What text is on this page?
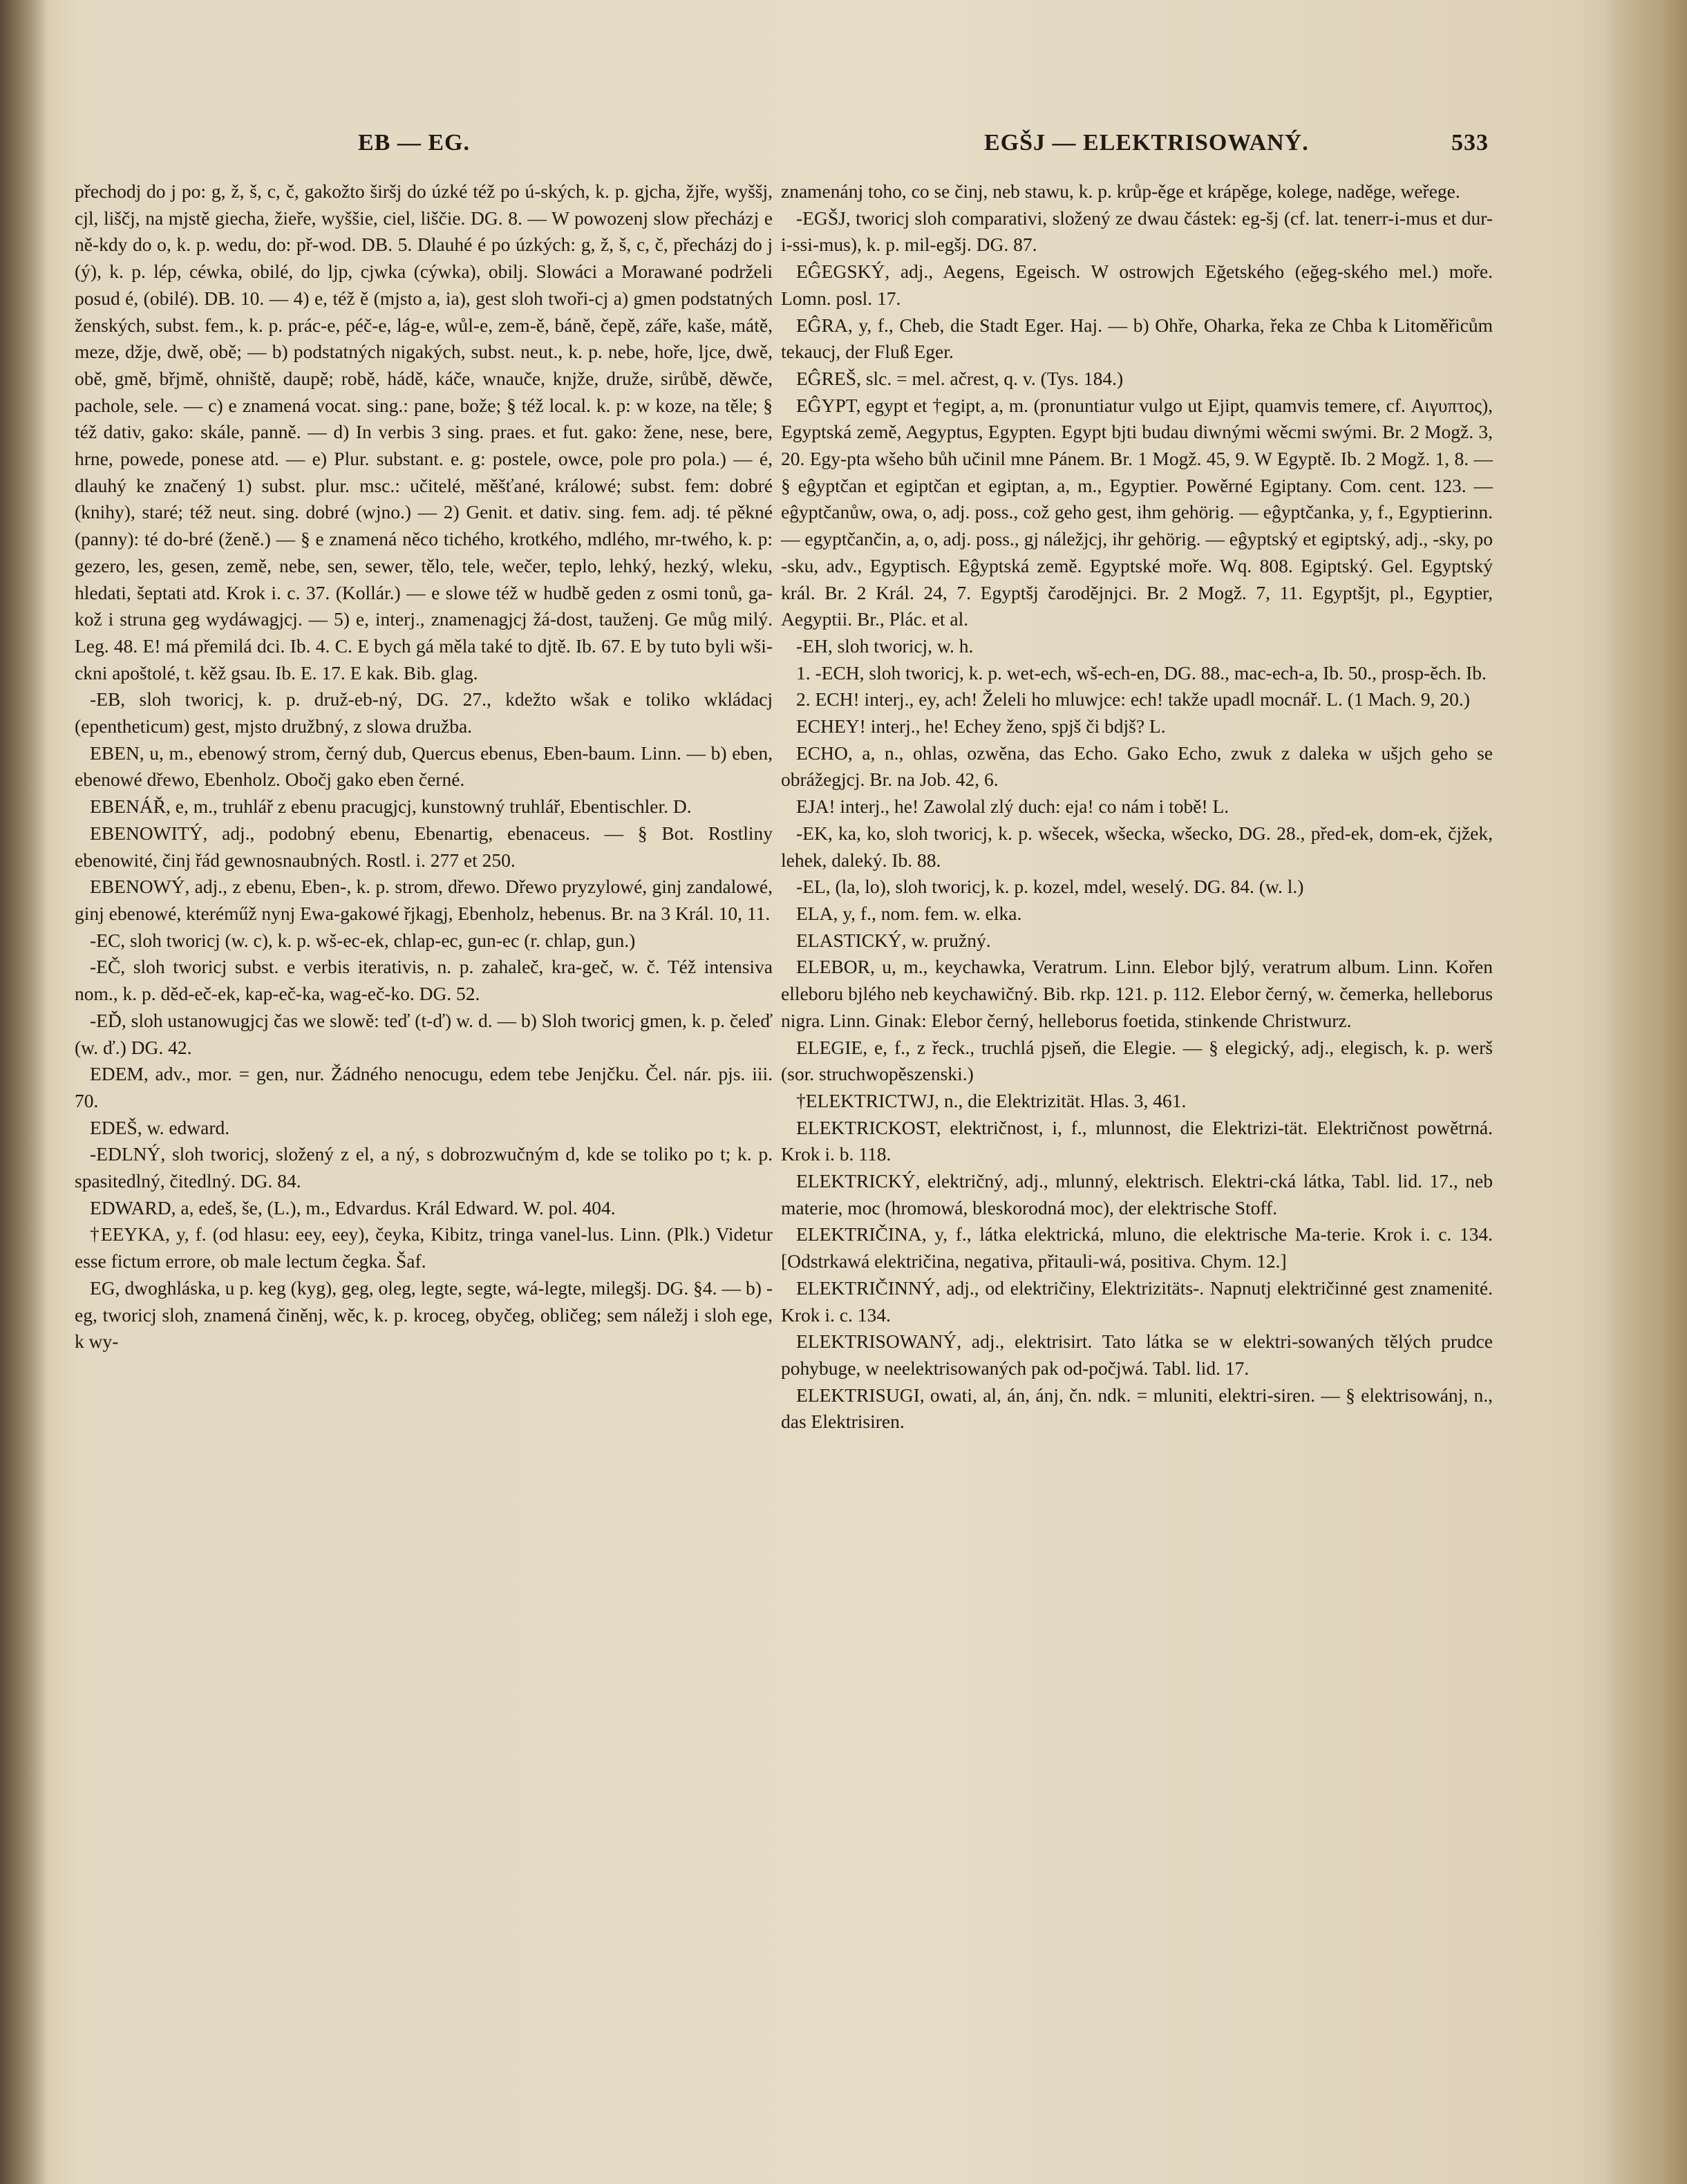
EB — EG.	EGŠJ — ELEKTRISOWANÝ.	533

přechodj do j po: g, ž, š, c, č, gakožto širšj do úzké též po ú-ských, k. p. gjcha, žjře, wyššj, cjl, liščj, na mjstě giecha, žieře, wyššie, ciel, liščie. DG. 8. — W powozenj slow přecházj e ně-kdy do o, k. p. wedu, do: př-wod. DB. 5. Dlauhé é po úzkých: g, ž, š, c, č, přecházj do j (ý), k. p. lép, céwka, obilé, do ljp, cjwka (cýwka), obilj. Slowáci a Morawané podrželi posud é, (obilé). DB. 10. — 4) e, též ě (mjsto a, ia), gest sloh twoři-cj a) gmen podstatných ženských, subst. fem., k. p. prác-e, péč-e, lág-e, wůl-e, zem-ě, báně, čepě, záře, kaše, mátě, meze, džje, dwě, obě; — b) podstatných nigakých, subst. neut., k. p. nebe, hoře, ljce, dwě, obě, gmě, břjmě, ohniště, daupě; robě, hádě, káče, wnauče, knjže, druže, sirůbě, děwče, pachole, sele. — c) e znamená vocat. sing.: pane, bože; § též local. k. p: w koze, na těle; § též dativ, gako: skále, panně. — d) In verbis 3 sing. praes. et fut. gako: žene, nese, bere, hrne, powede, ponese atd. — e) Plur. substant. e. g: postele, owce, pole pro pola.) — é, dlauhý ke značený 1) subst. plur. msc.: učitelé, měšťané, králowé; subst. fem: dobré (knihy), staré; též neut. sing. dobré (wjno.) — 2) Genit. et dativ. sing. fem. adj. té pěkné (panny): té do-bré (ženě.) — § e znamená něco tichého, krotkého, mdlého, mr-twého, k. p: gezero, les, gesen, země, nebe, sen, sewer, tělo, tele, wečer, teplo, lehký, hezký, wleku, hledati, šeptati atd. Krok i. c. 37. (Kollár.) — e slowe též w hudbě geden z osmi tonů, ga-kož i struna geg wydáwagjcj. — 5) e, interj., znamenagjcj žá-dost, tauženj. Ge můg milý. Leg. 48. E! má přemilá dci. Ib. 4. C. E bych gá měla také to djtě. Ib. 67. E by tuto byli wši-ckni apoštolé, t. kěž gsau. Ib. E. 17. E kak. Bib. glag.

-EB, sloh tworicj, k. p. druž-eb-ný, DG. 27., kdežto wšak e toliko wkládacj (epentheticum) gest, mjsto družbný, z slowa družba.

EBEN, u, m., ebenowý strom, černý dub, Quercus ebenus, Eben-baum. Linn. — b) eben, ebenowé dřewo, Ebenholz. Obočj gako eben černé.

EBENÁŘ, e, m., truhlář z ebenu pracugjcj, kunstowný truhlář, Ebentischler. D.

EBENOWITÝ, adj., podobný ebenu, Ebenartig, ebenaceus. — § Bot. Rostliny ebenowité, činj řád gewnosnaubných. Rostl. i. 277 et 250.

EBENOWÝ, adj., z ebenu, Eben-, k. p. strom, dřewo. Dřewo pryzylowé, ginj zandalowé, ginj ebenowé, kteréműž nynj Ewa-gakowé řjkagj, Ebenholz, hebenus. Br. na 3 Král. 10, 11.

-EC, sloh tworicj (w. c), k. p. wš-ec-ek, chlap-ec, gun-ec (r. chlap, gun.)

-EČ, sloh tworicj subst. e verbis iterativis, n. p. zahaleč, kra-geč, w. č. Též intensiva nom., k. p. děd-eč-ek, kap-eč-ka, wag-eč-ko. DG. 52.

-EĎ, sloh ustanowugjcj čas we slowě: teď (t-ď) w. d. — b) Sloh tworicj gmen, k. p. čeleď (w. ď.) DG. 42.

EDEM, adv., mor. = gen, nur. Žádného nenocugu, edem tebe Jenjčku. Čel. nár. pjs. iii. 70.

EDEŠ, w. edward.

-EDLNÝ, sloh tworicj, složený z el, a ný, s dobrozwučným d, kde se toliko po t; k. p. spasitedlný, čitedlný. DG. 84.

EDWARD, a, edeš, še, (L.), m., Edvardus. Král Edward. W. pol. 404.

†EEYKA, y, f. (od hlasu: eey, eey), čeyka, Kibitz, tringa vanel-lus. Linn. (Plk.) Videtur esse fictum errore, ob male lectum čegka. Šaf.

EG, dwoghláska, u p. keg (kyg), geg, oleg, legte, segte, wá-legte, milegšj. DG. §4. — b) -eg, tworicj sloh, znamená činěnj, wěc, k. p. kroceg, obyčeg, obličeg; sem náležj i sloh ege, k wy-

znamenánj toho, co se činj, neb stawu, k. p. krůp-ěge et krápěge, kolege, naděge, weřege.

-EGŠJ, tworicj sloh comparativi, složený ze dwau částek: eg-šj (cf. lat. tenerr-i-mus et dur-i-ssi-mus), k. p. mil-egšj. DG. 87.

EĜEGSKÝ, adj., Aegens, Egeisch. W ostrowjch Eğetského (eğeg-ského mel.) moře. Lomn. posl. 17.

EĜRA, y, f., Cheb, die Stadt Eger. Haj. — b) Ohře, Oharka, řeka ze Chba k Litoměřicům tekaucj, der Fluß Eger.

EĜREŠ, slc. = mel. ačrest, q. v. (Tys. 184.)

EĜYPT, egypt et †egipt, a, m. (pronuntiatur vulgo ut Ejipt, quamvis temere, cf. Αιγυπτος), Egyptská země, Aegyptus, Egypten. Egypt bjti budau diwnými wěcmi swými. Br. 2 Mogž. 3, 20. Egy-pta wšeho bůh učinil mne Pánem. Br. 1 Mogž. 45, 9. W Egyptě. Ib. 2 Mogž. 1, 8. — § eĝyptčan et egiptčan et egiptan, a, m., Egyptier. Powěrné Egiptany. Com. cent. 123. — eĝyptčanůw, owa, o, adj. poss., což geho gest, ihm gehörig. — eĝyptčanka, y, f., Egyptierinn. — egyptčančin, a, o, adj. poss., gj náležjcj, ihr gehörig. — eĝyptský et egiptský, adj., -sky, po -sku, adv., Egyptisch. Eĝyptská země. Egyptské moře. Wq. 808. Egiptský. Gel. Egyptský král. Br. 2 Král. 24, 7. Egyptšj čarodějnjci. Br. 2 Mogž. 7, 11. Egyptšjt, pl., Egyptier, Aegyptii. Br., Plác. et al.

-EH, sloh tworicj, w. h.

1. -ECH, sloh tworicj, k. p. wet-ech, wš-ech-en, DG. 88., mac-ech-a, Ib. 50., prosp-ěch. Ib.

2. ECH! interj., ey, ach! Želeli ho mluwjce: ech! takže upadl mocnář. L. (1 Mach. 9, 20.)

ECHEY! interj., he! Echey ženo, spjš či bdjš? L.

ECHO, a, n., ohlas, ozwěna, das Echo. Gako Echo, zwuk z daleka w ušjch geho se obrážegjcj. Br. na Job. 42, 6.

EJA! interj., he! Zawolal zlý duch: eja! co nám i tobě! L.

-EK, ka, ko, sloh tworicj, k. p. wšecek, wšecka, wšecko, DG. 28., před-ek, dom-ek, čjžek, lehek, daleký. Ib. 88.

-EL, (la, lo), sloh tworicj, k. p. kozel, mdel, weselý. DG. 84. (w. l.)

ELA, y, f., nom. fem. w. elka.

ELASTICKÝ, w. pružný.

ELEBOR, u, m., keychawka, Veratrum. Linn. Elebor bjlý, veratrum album. Linn. Kořen elleboru bjlého neb keychawičný. Bib. rkp. 121. p. 112. Elebor černý, w. čemerka, helleborus nigra. Linn. Ginak: Elebor černý, helleborus foetida, stinkende Christwurz.

ELEGIE, e, f., z řeck., truchlá pjseň, die Elegie. — § elegický, adj., elegisch, k. p. werš (sor. struchwopěszenski.)

†ELEKTRICTWJ, n., die Elektrizität. Hlas. 3, 461.

ELEKTRICKOST, električnost, i, f., mlunnost, die Elektrizi-tät. Električnost powětrná. Krok i. b. 118.

ELEKTRICKÝ, električný, adj., mlunný, elektrisch. Elektri-cká látka, Tabl. lid. 17., neb materie, moc (hromowá, bleskorodná moc), der elektrische Stoff.

ELEKTRIČINA, y, f., látka elektrická, mluno, die elektrische Ma-terie. Krok i. c. 134. [Odstrkawá električina, negativa, přitauli-wá, positiva. Chym. 12.]

ELEKTRIČINNÝ, adj., od električiny, Elektrizitäts-. Napnutj električinné gest znamenité. Krok i. c. 134.

ELEKTRISOWANÝ, adj., elektrisirt. Tato látka se w elektri-sowaných tělých prudce pohybuge, w neelektrisowaných pak od-počjwá. Tabl. lid. 17.

ELEKTRISUGI, owati, al, án, ánj, čn. ndk. = mluniti, elektri-siren. — § elektrisowánj, n., das Elektrisiren.
